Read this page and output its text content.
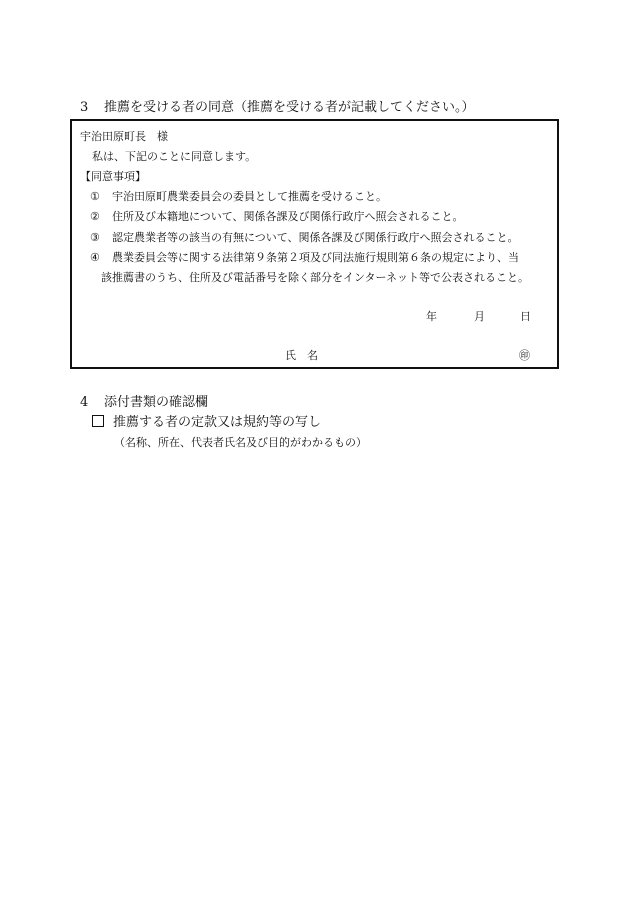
3 推薦を受ける者の同意（推薦を受ける者が記載してください。）
宇治田原町長　様
私は、下記のことに同意します。
【同意事項】
① 宇治田原町農業委員会の委員として推薦を受けること。
② 住所及び本籍地について、関係各課及び関係行政庁へ照会されること。
③ 認定農業者等の該当の有無について、関係各課及び関係行政庁へ照会されること。
④ 農業委員会等に関する法律第９条第２項及び同法施行規則第６条の規定により、当
該推薦書のうち、住所及び電話番号を除く部分をインターネット等で公表されること。
年	月	日
氏　名	㊞
4 添付書類の確認欄
推薦する者の定款又は規約等の写し
（名称、所在、代表者氏名及び目的がわかるもの）
